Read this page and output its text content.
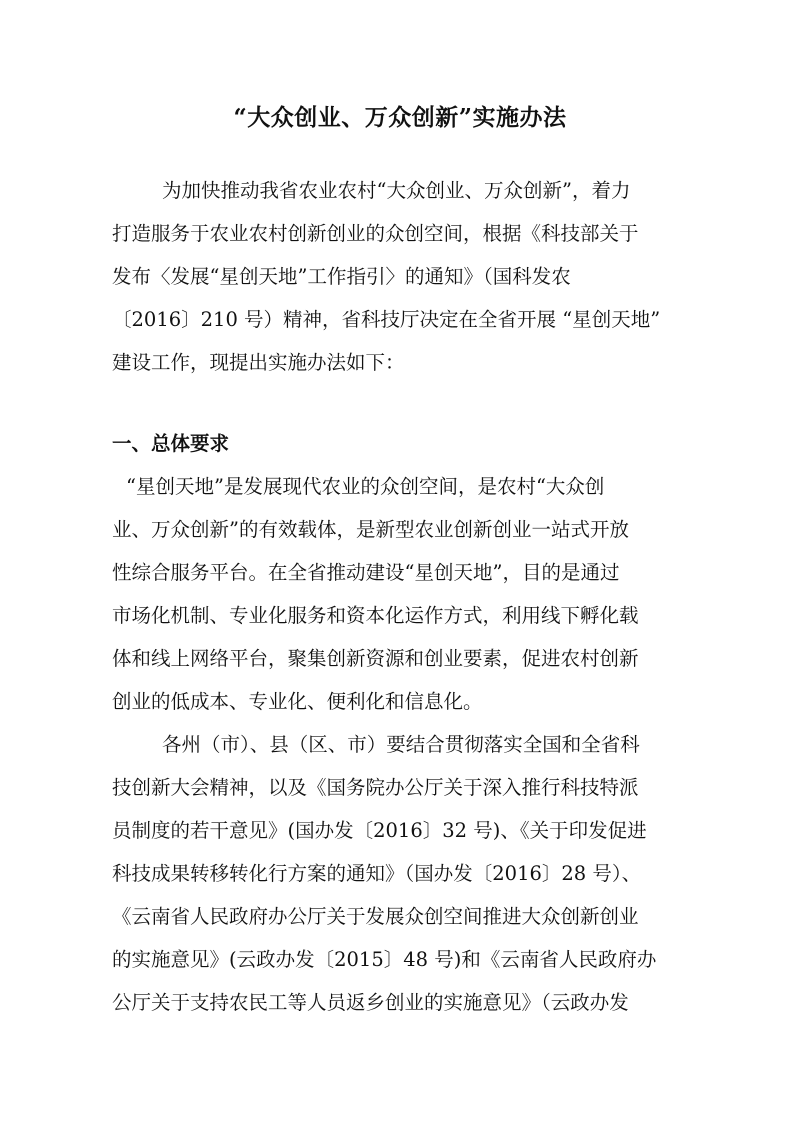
“大众创业、万众创新”实施办法
为加快推动我省农业农村“大众创业、万众创新”，着力
打造服务于农业农村创新创业的众创空间，根据《科技部关于
发布〈发展“星创天地”工作指引〉的通知》（国科发农
〔2016〕210 号）精神，省科技厅决定在全省开展 “星创天地”
建设工作，现提出实施办法如下：
一、总体要求
“星创天地”是发展现代农业的众创空间，是农村“大众创
业、万众创新”的有效载体，是新型农业创新创业一站式开放
性综合服务平台。在全省推动建设“星创天地”，目的是通过
市场化机制、专业化服务和资本化运作方式，利用线下孵化载
体和线上网络平台，聚集创新资源和创业要素，促进农村创新
创业的低成本、专业化、便利化和信息化。
各州（市）、县（区、市）要结合贯彻落实全国和全省科
技创新大会精神，以及《国务院办公厅关于深入推行科技特派
员制度的若干意见》(国办发〔2016〕32 号)、《关于印发促进
科技成果转移转化行方案的通知》（国办发〔2016〕28 号）、
《云南省人民政府办公厅关于发展众创空间推进大众创新创业
的实施意见》(云政办发〔2015〕48 号)和《云南省人民政府办
公厅关于支持农民工等人员返乡创业的实施意见》（云政办发
